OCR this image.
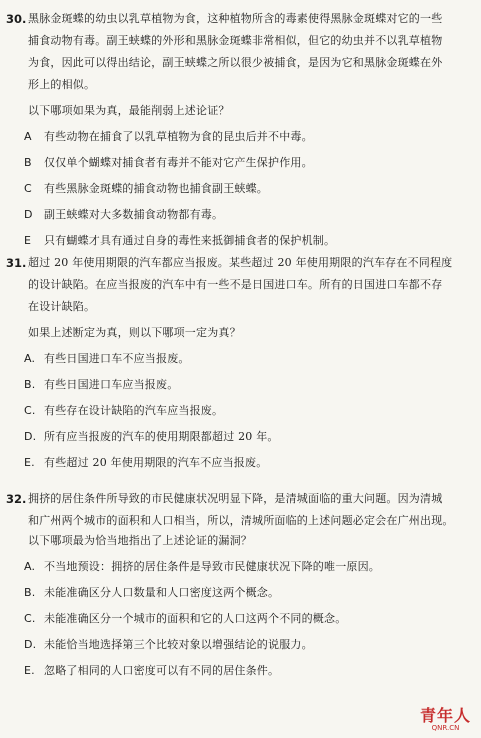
30. 黑脉金斑蝶的幼虫以乳草植物为食，这种植物所含的毒素使得黑脉金斑蝶对它的一些
捕食动物有毒。副王蛱蝶的外形和黑脉金斑蝶非常相似，但它的幼虫并不以乳草植物
为食，因此可以得出结论，副王蛱蝶之所以很少被捕食，是因为它和黑脉金斑蝶在外
形上的相似。
以下哪项如果为真，最能削弱上述论证？
A 有些动物在捕食了以乳草植物为食的昆虫后并不中毒。
B 仅仅单个蝴蝶对捕食者有毒并不能对它产生保护作用。
C 有些黑脉金斑蝶的捕食动物也捕食副王蛱蝶。
D 副王蛱蝶对大多数捕食动物都有毒。
E 只有蝴蝶才具有通过自身的毒性来抵御捕食者的保护机制。
31. 超过 20 年使用期限的汽车都应当报废。某些超过 20 年使用期限的汽车存在不同程度
的设计缺陷。在应当报废的汽车中有一些不是日国进口车。所有的日国进口车都不存
在设计缺陷。
如果上述断定为真，则以下哪项一定为真？
A. 有些日国进口车不应当报废。
B. 有些日国进口车应当报废。
C. 有些存在设计缺陷的汽车应当报废。
D. 所有应当报废的汽车的使用期限都超过 20 年。
E. 有些超过 20 年使用期限的汽车不应当报废。
32. 拥挤的居住条件所导致的市民健康状况明显下降，是清城面临的重大问题。因为清城
和广州两个城市的面积和人口相当，所以，清城所面临的上述问题必定会在广州出现。
以下哪项最为恰当地指出了上述论证的漏洞？
A. 不当地预设：拥挤的居住条件是导致市民健康状况下降的唯一原因。
B. 未能准确区分人口数量和人口密度这两个概念。
C. 未能准确区分一个城市的面积和它的人口这两个不同的概念。
D. 未能恰当地选择第三个比较对象以增强结论的说服力。
E. 忽略了相同的人口密度可以有不同的居住条件。
青年人
QNR.CN
